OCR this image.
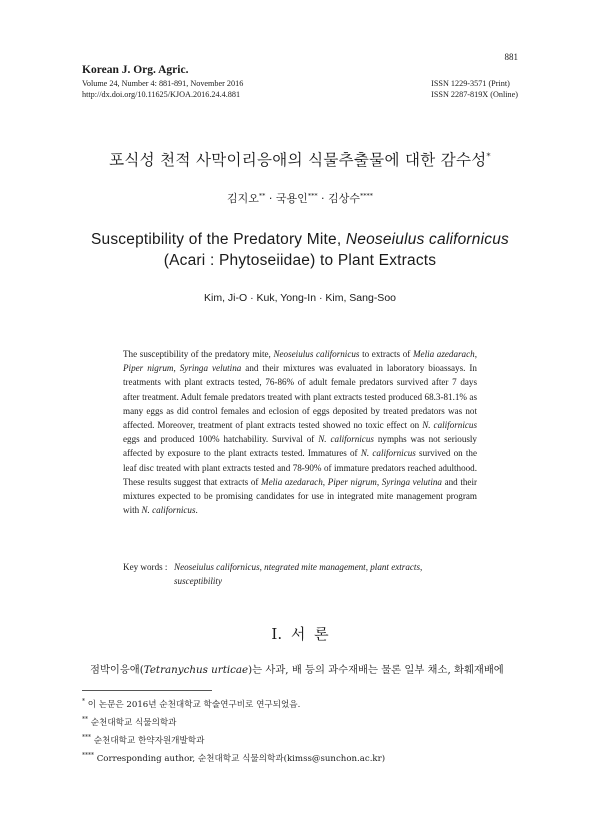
Korean J. Org. Agric.
881
Volume 24, Number 4: 881-891, November 2016
http://dx.doi.org/10.11625/KJOA.2016.24.4.881
ISSN 1229-3571 (Print)
ISSN 2287-819X (Online)
포식성 천적 사막이리응애의 식물추출물에 대한 감수성*
김지오** · 국용인*** · 김상수****
Susceptibility of the Predatory Mite, Neoseiulus californicus
(Acari : Phytoseiidae) to Plant Extracts
Kim, Ji-O · Kuk, Yong-In · Kim, Sang-Soo
The susceptibility of the predatory mite, Neoseiulus californicus to extracts of Melia azedarach, Piper nigrum, Syringa velutina and their mixtures was evaluated in laboratory bioassays. In treatments with plant extracts tested, 76-86% of adult female predators survived after 7 days after treatment. Adult female predators treated with plant extracts tested produced 68.3-81.1% as many eggs as did control females and eclosion of eggs deposited by treated predators was not affected. Moreover, treatment of plant extracts tested showed no toxic effect on N. californicus eggs and produced 100% hatchability. Survival of N. californicus nymphs was not seriously affected by exposure to the plant extracts tested. Immatures of N. californicus survived on the leaf disc treated with plant extracts tested and 78-90% of immature predators reached adulthood. These results suggest that extracts of Melia azedarach, Piper nigrum, Syringa velutina and their mixtures expected to be promising candidates for use in integrated mite management program with N. californicus.
Key words : Neoseiulus californicus, ntegrated mite management, plant extracts,
susceptibility
Ⅰ. 서 론
점박이응애(Tetranychus urticae)는 사과, 배 등의 과수재배는 물론 일부 채소, 화훼재배에
* 이 논문은 2016년 순천대학교 학술연구비로 연구되었음.
** 순천대학교 식물의학과
*** 순천대학교 한약자원개발학과
**** Corresponding author, 순천대학교 식물의학과(kimss@sunchon.ac.kr)
